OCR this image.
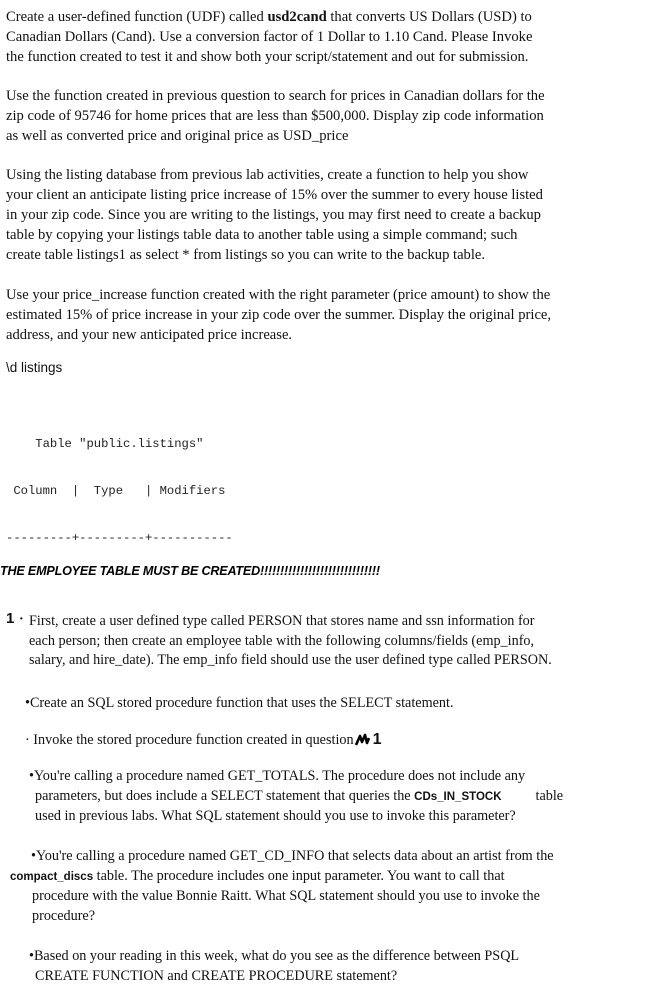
Create a user-defined function (UDF) called usd2cand that converts US Dollars (USD) to
Canadian Dollars (Cand). Use a conversion factor of 1 Dollar to 1.10 Cand. Please Invoke
the function created to test it and show both your script/statement and out for submission.
Use the function created in previous question to search for prices in Canadian dollars for the
zip code of 95746 for home prices that are less than $500,000. Display zip code information
as well as converted price and original price as USD_price
Using the listing database from previous lab activities, create a function to help you show
your client an anticipate listing price increase of 15% over the summer to every house listed
in your zip code. Since you are writing to the listings, you may first need to create a backup
table by copying your listings table data to another table using a simple command; such
create table listings1 as select * from listings so you can write to the backup table.
Use your price_increase function created with the right parameter (price amount) to show the
estimated 15% of price increase in your zip code over the summer. Display the original price,
address, and your new anticipated price increase.
\d listings

Table "public.listings"

Column  |  Type   | Modifiers

---------+---------+-----------

THE EMPLOYEE TABLE MUST BE CREATED!!!!!!!!!!!!!!!!!!!!!!!!!!!!!!
1 · First, create a user defined type called PERSON that stores name and ssn information for
each person; then create an employee table with the following columns/fields (emp_info,
salary, and hire_date). The emp_info field should use the user defined type called PERSON.
•Create an SQL stored procedure function that uses the SELECT statement.
· Invoke the stored procedure function created in question 1
•You're calling a procedure named GET_TOTALS. The procedure does not include any
parameters, but does include a SELECT statement that queries the CDs_IN_STOCK table
used in previous labs. What SQL statement should you use to invoke this parameter?
•You're calling a procedure named GET_CD_INFO that selects data about an artist from the
compact_discs table. The procedure includes one input parameter. You want to call that
procedure with the value Bonnie Raitt. What SQL statement should you use to invoke the
procedure?
•Based on your reading in this week, what do you see as the difference between PSQL
CREATE FUNCTION and CREATE PROCEDURE statement?
